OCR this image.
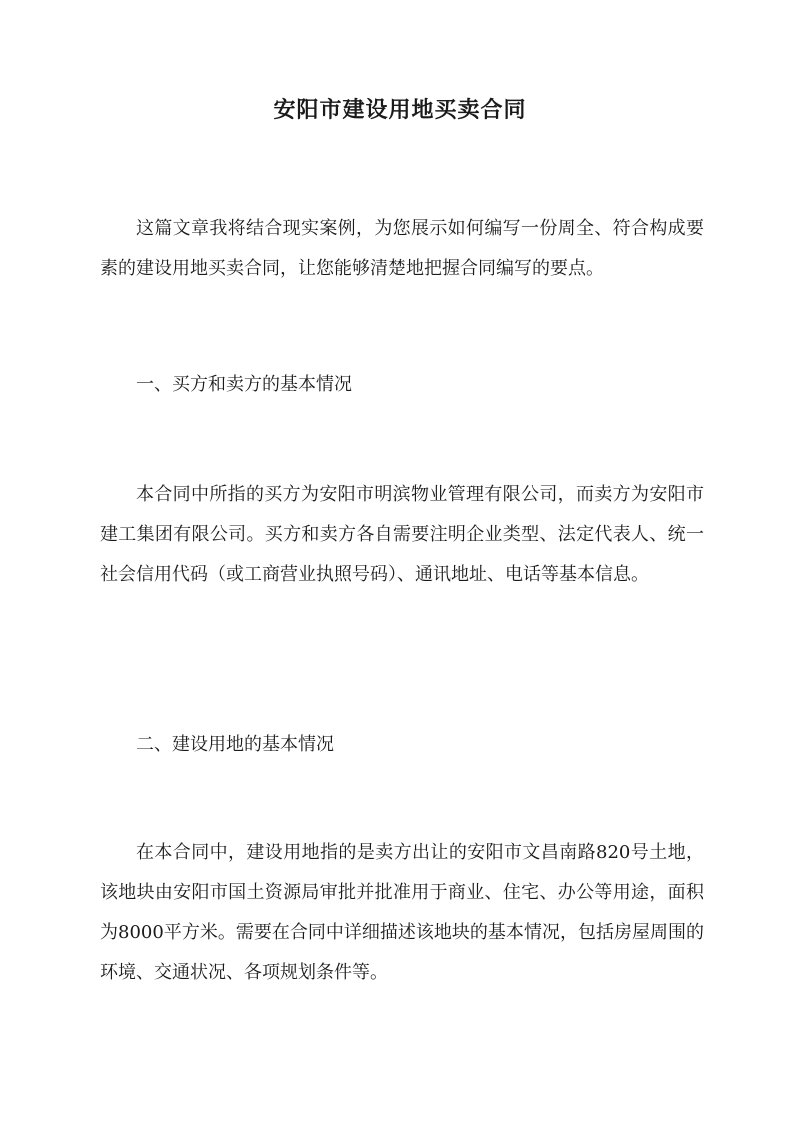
安阳市建设用地买卖合同

这篇文章我将结合现实案例，为您展示如何编写一份周全、符合构成要素的建设用地买卖合同，让您能够清楚地把握合同编写的要点。

一、买方和卖方的基本情况

本合同中所指的买方为安阳市明滨物业管理有限公司，而卖方为安阳市建工集团有限公司。买方和卖方各自需要注明企业类型、法定代表人、统一社会信用代码（或工商营业执照号码）、通讯地址、电话等基本信息。

二、建设用地的基本情况

在本合同中，建设用地指的是卖方出让的安阳市文昌南路820号土地，该地块由安阳市国土资源局审批并批准用于商业、住宅、办公等用途，面积为8000平方米。需要在合同中详细描述该地块的基本情况，包括房屋周围的环境、交通状况、各项规划条件等。
